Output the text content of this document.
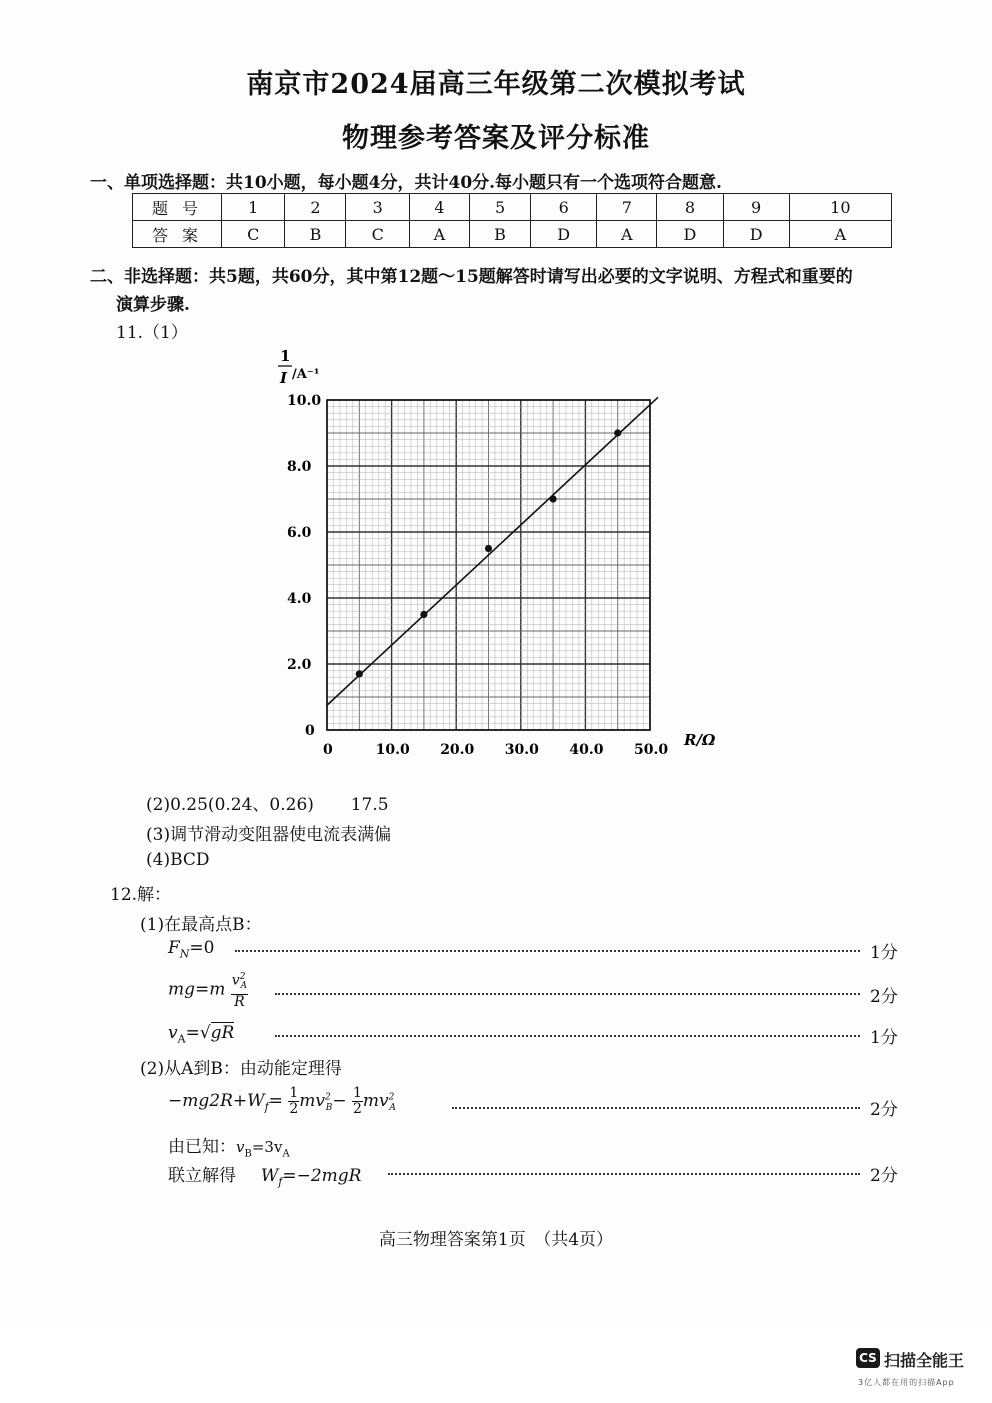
南京市2024届高三年级第二次模拟考试
物理参考答案及评分标准
一、单项选择题：共10小题，每小题4分，共计40分.每小题只有一个选项符合题意.
题号	1	2	3	4	5	6	7	8	9	10
答案	C	B	C	A	B	D	A	D	D	A
二、非选择题：共5题，共60分，其中第12题～15题解答时请写出必要的文字说明、方程式和重要的
演算步骤.
11.（1）
0	10.0 20.0 30.0 40.0 50.0
0
2.0
4.0
6.0
8.0
10.0
1
I /A⁻¹
R/Ω
(2)0.25(0.24、0.26) 17.5
(3)调节滑动变阻器使电流表满偏
(4)BCD
12.解：
(1)在最高点B：
$F_N=0$	1分
$mg=m \frac{v^2_A}{R}$	2分
$v_A=√gR$	1分
(2)从A到B：由动能定理得
$-mg2R+W_f= \frac{1}{2} mv^2_B- \frac{1}{2} mv^2_A$	2分
由已知：$v_B=3v_A$
联立解得 $W_f=-2mgR$	2分
高三物理答案第1页　（共4页）
CS 扫描全能王
3亿人都在用的扫描App
